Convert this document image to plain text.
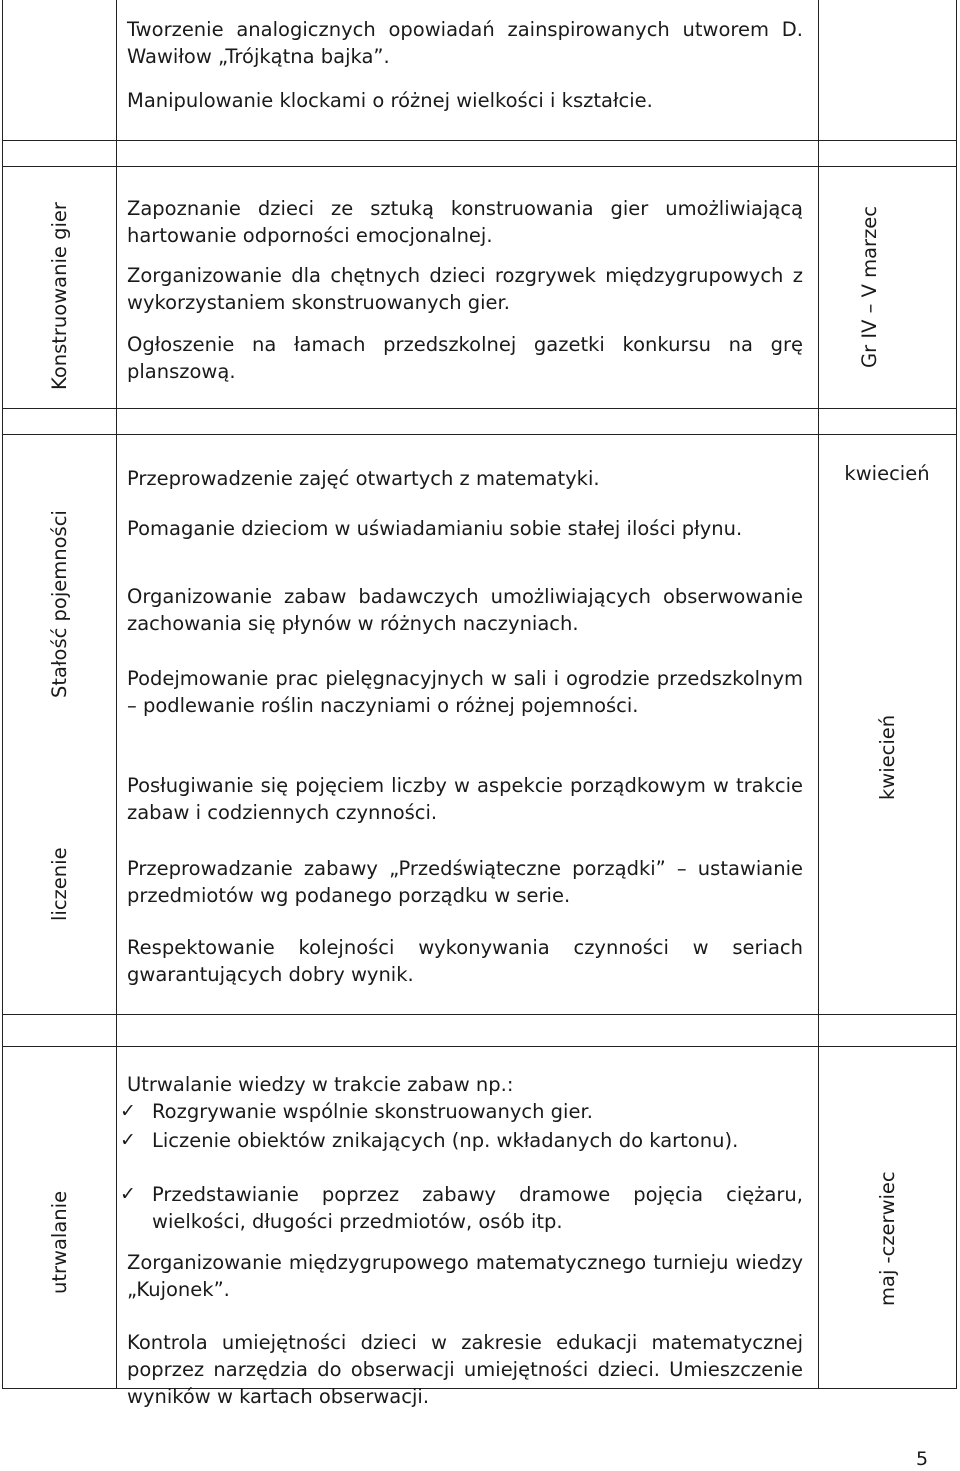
Tworzenie analogicznych opowiadań zainspirowanych utworem D. Wawiłow „Trójkątna bajka”.

Manipulowanie klockami o różnej wielkości i kształcie.

Konstruowanie gier	Gr IV – V marzec

Zapoznanie dzieci ze sztuką konstruowania gier umożliwiającą hartowanie odporności emocjonalnej.

Zorganizowanie dla chętnych dzieci rozgrywek międzygrupowych z wykorzystaniem skonstruowanych gier.

Ogłoszenie na łamach przedszkolnej gazetki konkursu na grę planszową.

Stałość pojemności
liczenie
kwiecień
kwiecień

Przeprowadzenie zajęć otwartych z matematyki.

Pomaganie dzieciom w uświadamianiu sobie stałej ilości płynu.

Organizowanie zabaw badawczych umożliwiających obserwowanie zachowania się płynów w różnych naczyniach.

Podejmowanie prac pielęgnacyjnych w sali i ogrodzie przedszkolnym – podlewanie roślin naczyniami o różnej pojemności.

Posługiwanie się pojęciem liczby w aspekcie porządkowym w trakcie zabaw i codziennych czynności.

Przeprowadzanie zabawy „Przedświąteczne porządki” – ustawianie przedmiotów wg podanego porządku w serie.

Respektowanie kolejności wykonywania czynności w seriach gwarantujących dobry wynik.

utrwalanie	maj -czerwiec

Utrwalanie wiedzy w trakcie zabaw np.:

✓ Rozgrywanie wspólnie skonstruowanych gier.
✓ Liczenie obiektów znikających (np. wkładanych do kartonu).
✓ Przedstawianie poprzez zabawy dramowe pojęcia ciężaru, wielkości, długości przedmiotów, osób itp.

Zorganizowanie międzygrupowego matematycznego turnieju wiedzy „Kujonek”.

Kontrola umiejętności dzieci w zakresie edukacji matematycznej poprzez narzędzia do obserwacji umiejętności dzieci. Umieszczenie wyników w kartach obserwacji.

5
